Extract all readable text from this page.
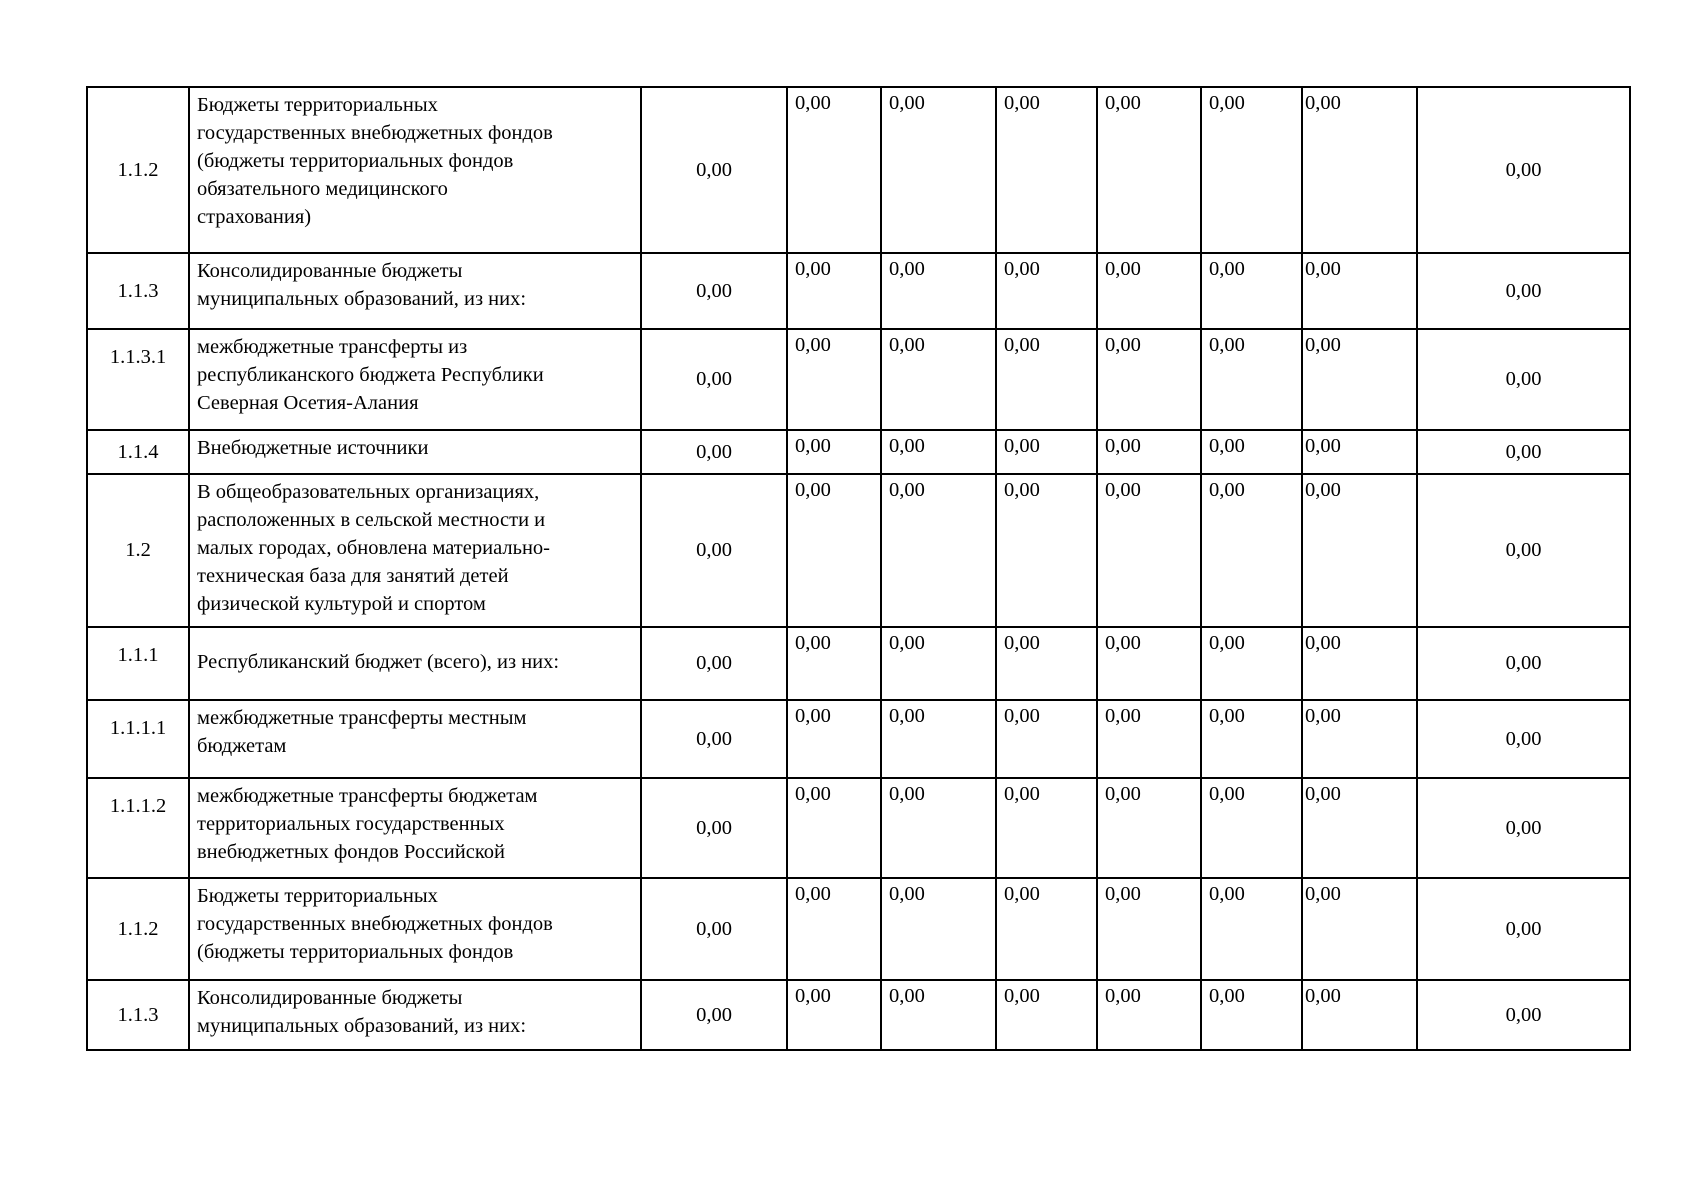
1.1.2	Бюджеты территориальных
государственных внебюджетных фондов
(бюджеты территориальных фондов
обязательного медицинского
страхования)	0,00	0,00	0,00	0,00	0,00	0,00	0,00	0,00
1.1.3	Консолидированные бюджеты
муниципальных образований, из них:	0,00	0,00	0,00	0,00	0,00	0,00	0,00	0,00
1.1.3.1	межбюджетные трансферты из
республиканского бюджета Республики
Северная Осетия-Алания	0,00	0,00	0,00	0,00	0,00	0,00	0,00	0,00
1.1.4	Внебюджетные источники	0,00	0,00	0,00	0,00	0,00	0,00	0,00	0,00
1.2	В общеобразовательных организациях,
расположенных в сельской местности и
малых городах, обновлена материально-
техническая база для занятий детей
физической культурой и спортом	0,00	0,00	0,00	0,00	0,00	0,00	0,00	0,00
1.1.1	Республиканский бюджет (всего), из них:	0,00	0,00	0,00	0,00	0,00	0,00	0,00	0,00
1.1.1.1	межбюджетные трансферты местным
бюджетам	0,00	0,00	0,00	0,00	0,00	0,00	0,00	0,00
1.1.1.2	межбюджетные трансферты бюджетам
территориальных государственных
внебюджетных фондов Российской	0,00	0,00	0,00	0,00	0,00	0,00	0,00	0,00
1.1.2	Бюджеты территориальных
государственных внебюджетных фондов
(бюджеты территориальных фондов	0,00	0,00	0,00	0,00	0,00	0,00	0,00	0,00
1.1.3	Консолидированные бюджеты
муниципальных образований, из них:	0,00	0,00	0,00	0,00	0,00	0,00	0,00	0,00
